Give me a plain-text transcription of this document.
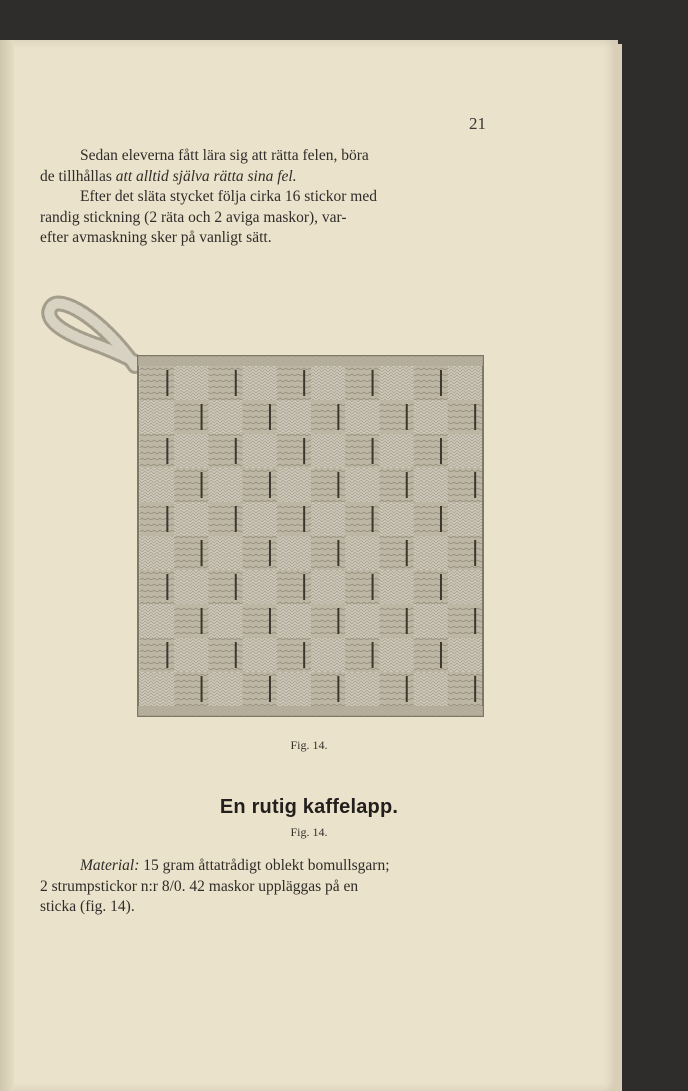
21

Sedan eleverna fått lära sig att rätta felen, böra
de tillhållas att alltid själva rätta sina fel.

Efter det släta stycket följa cirka 16 stickor med
randig stickning (2 räta och 2 aviga maskor), var-
efter avmaskning sker på vanligt sätt.

Fig. 14.
En rutig kaffelapp.
Fig. 14.

Material: 15 gram åttatrådigt oblekt bomullsgarn;
2 strumpstickor n:r 8/0. 42 maskor uppläggas på en
sticka (fig. 14).
